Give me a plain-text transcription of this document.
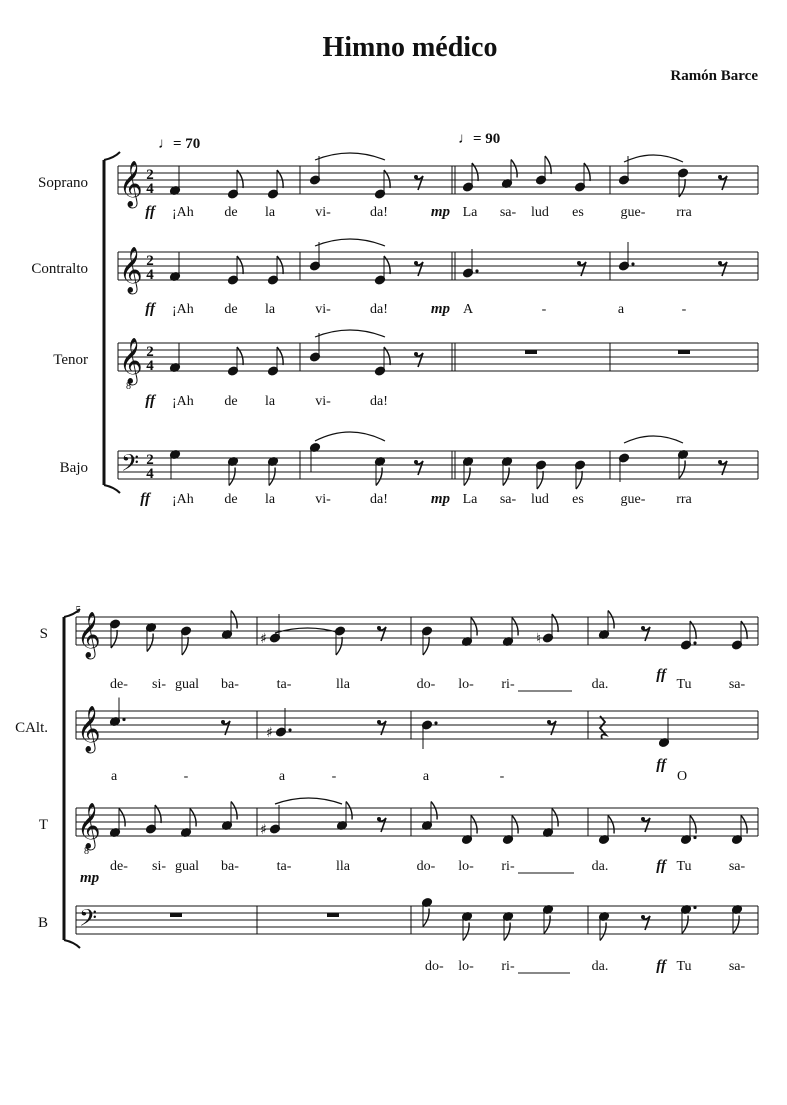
Himno médico
Ramón Barce
♩= 70	♩= 90
Soprano 𝄞 2
4
Contralto 𝄞 2
4
Tenor 𝄞
8
2
4
Bajo 𝄢 2
4
¡Ah de la	vi-	da!	La sa- lud es	gue- rra
¡Ah de la	vi-	da!	A	-	a	-
¡Ah de la	vi-	da!
¡Ah de la	vi-	da!	La sa- lud es	gue- rra
ff
ff
ff
ff
mp
mp
mp
5
S 𝄞
CAlt. 𝄞
T 𝄞
8
B 𝄢
♯	♮
♯
♯
de- si- gual ba-	ta-	lla	do- lo- ri-	da.	Tu	sa-
a	-	a	-	a	-	O
de- si- gual ba-	ta-	lla	do- lo- ri-	da.	Tu	sa-
do- lo- ri-	da.	Tu	sa-
ff
ff
mp
ff
ff
